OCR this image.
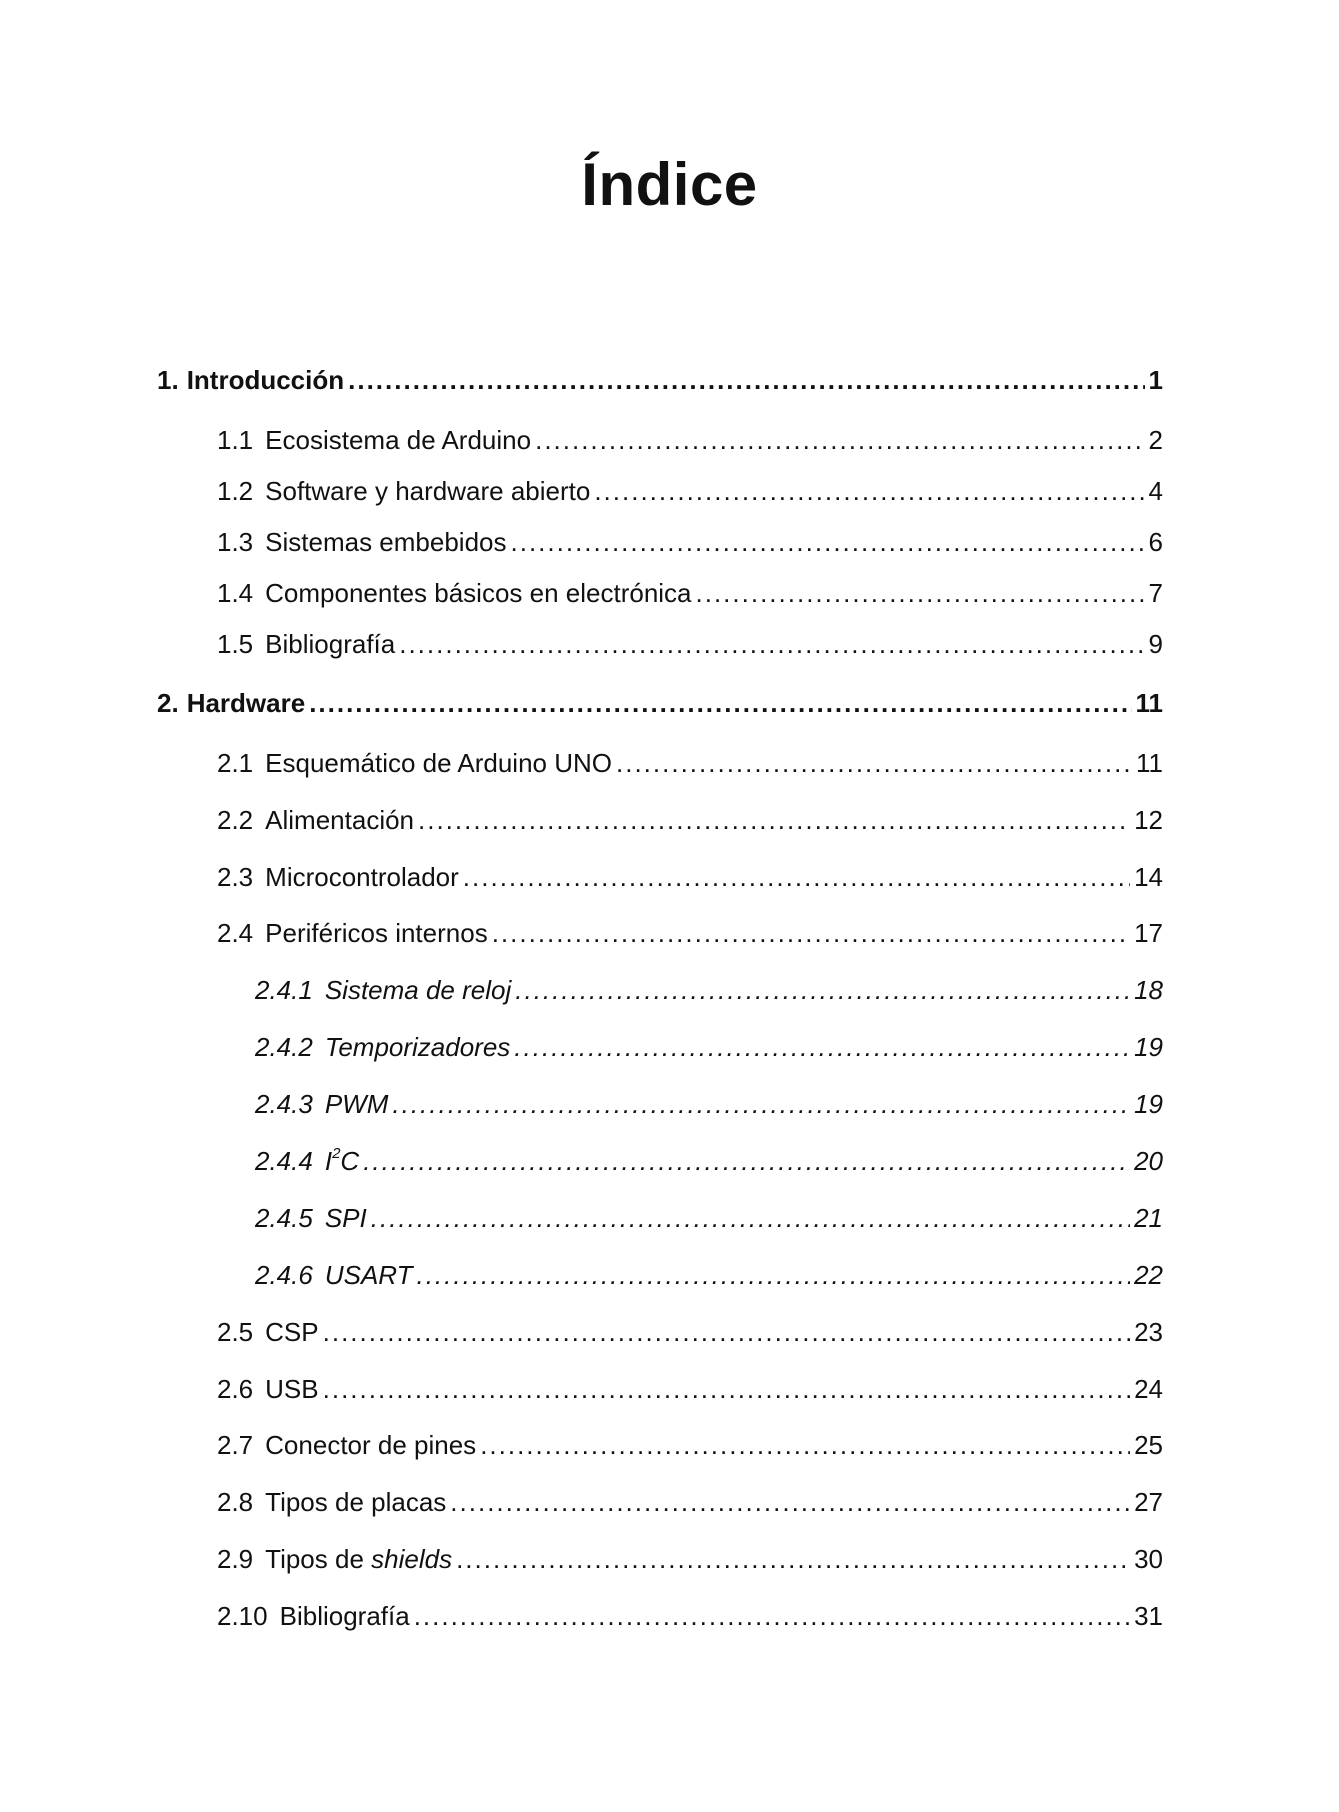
Índice
1. Introducción .....	1
1.1 Ecosistema de Arduino .....	2
1.2 Software y hardware abierto .....	4
1.3 Sistemas embebidos .....	6
1.4 Componentes básicos en electrónica .....	7
1.5 Bibliografía .....	9
2. Hardware .....	11
2.1 Esquemático de Arduino UNO .....	11
2.2 Alimentación .....	12
2.3 Microcontrolador .....	14
2.4 Periféricos internos .....	17
2.4.1 Sistema de reloj .....	18
2.4.2 Temporizadores .....	19
2.4.3 PWM .....	19
2.4.4 $I^2C$ .....	20
2.4.5 SPI .....	21
2.4.6 USART .....	22
2.5 CSP .....	23
2.6 USB .....	24
2.7 Conector de pines .....	25
2.8 Tipos de placas .....	27
2.9 Tipos de shields .....	30
2.10 Bibliografía .....	31
